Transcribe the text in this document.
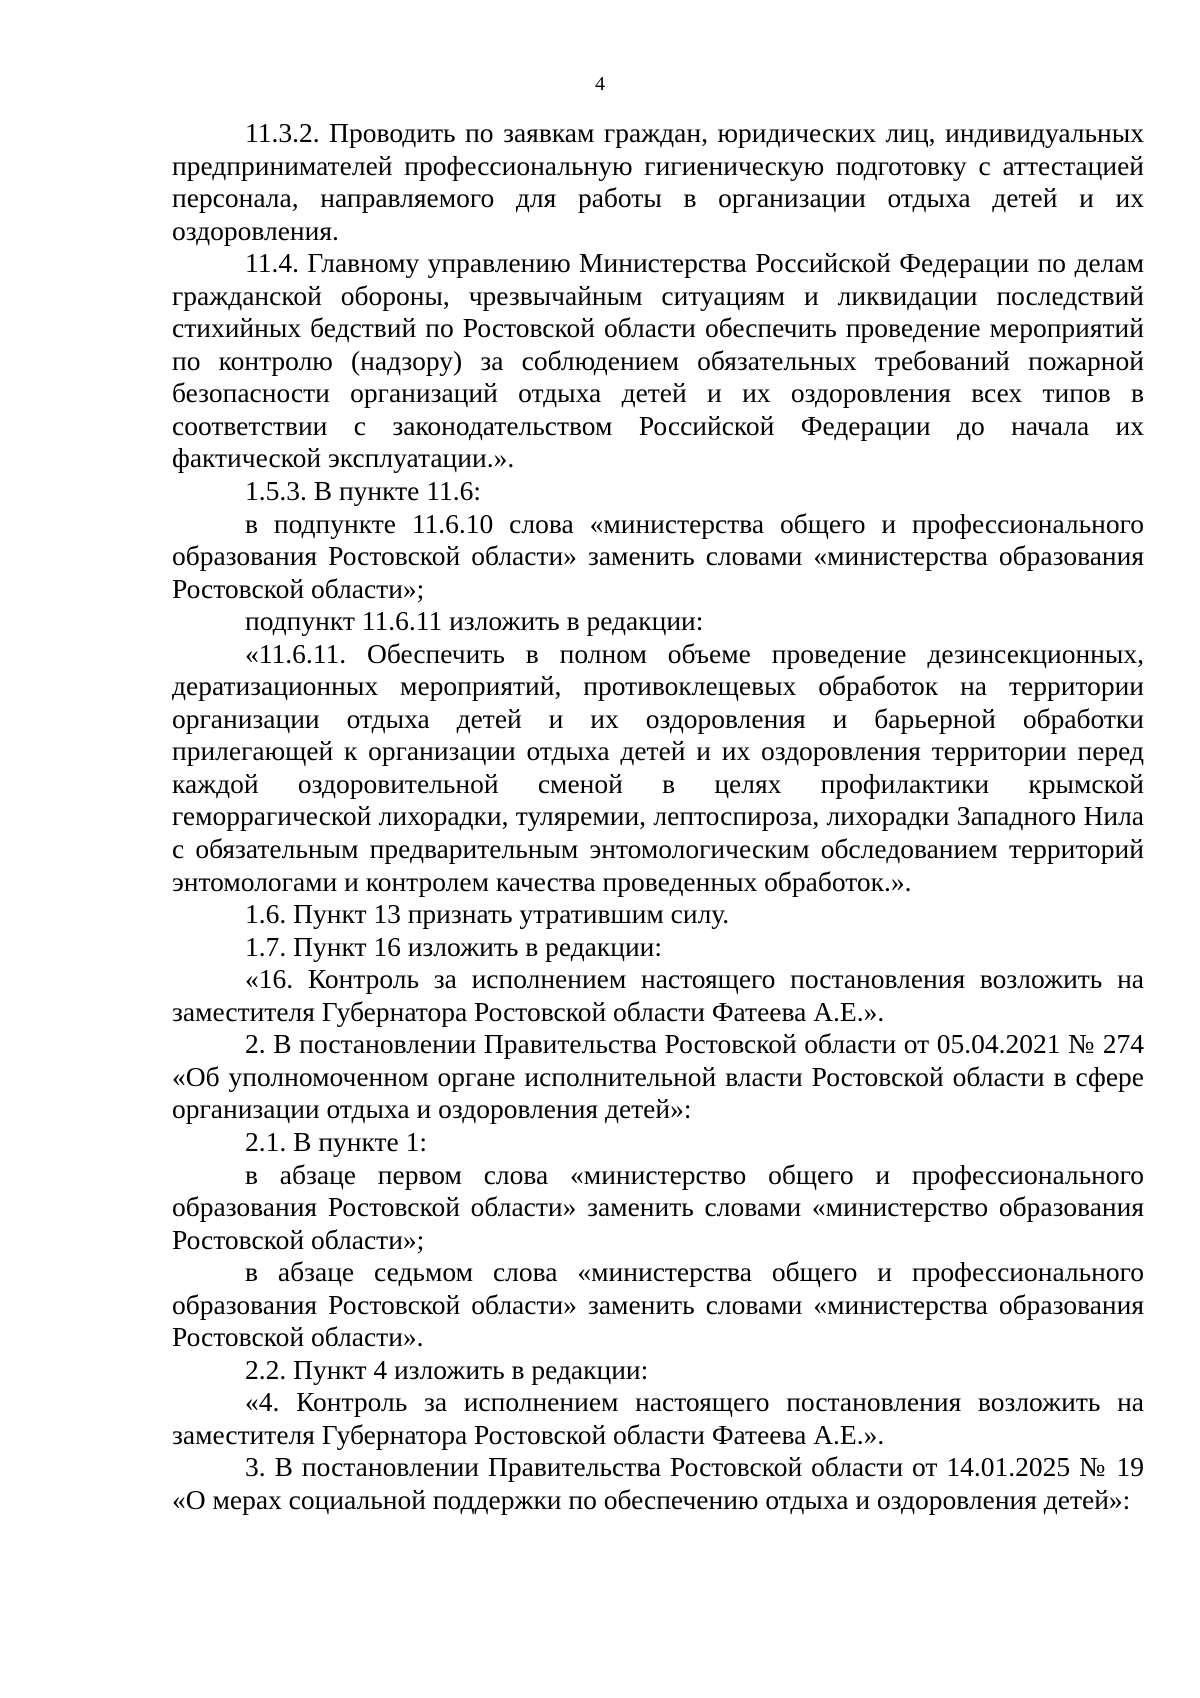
4

11.3.2. Проводить по заявкам граждан, юридических лиц, индивидуальных предпринимателей профессиональную гигиеническую подготовку с аттестацией персонала, направляемого для работы в организации отдыха детей и их оздоровления.

11.4. Главному управлению Министерства Российской Федерации по делам гражданской обороны, чрезвычайным ситуациям и ликвидации последствий стихийных бедствий по Ростовской области обеспечить проведение мероприятий по контролю (надзору) за соблюдением обязательных требований пожарной безопасности организаций отдыха детей и их оздоровления всех типов в соответствии с законодательством Российской Федерации до начала их фактической эксплуатации.».

1.5.3. В пункте 11.6:

в подпункте 11.6.10 слова «министерства общего и профессионального образования Ростовской области» заменить словами «министерства образования Ростовской области»;

подпункт 11.6.11 изложить в редакции:

«11.6.11. Обеспечить в полном объеме проведение дезинсекционных, дератизационных мероприятий, противоклещевых обработок на территории организации отдыха детей и их оздоровления и барьерной обработки прилегающей к организации отдыха детей и их оздоровления территории перед каждой оздоровительной сменой в целях профилактики крымской геморрагической лихорадки, туляремии, лептоспироза, лихорадки Западного Нила с обязательным предварительным энтомологическим обследованием территорий энтомологами и контролем качества проведенных обработок.».

1.6. Пункт 13 признать утратившим силу.

1.7. Пункт 16 изложить в редакции:

«16. Контроль за исполнением настоящего постановления возложить на заместителя Губернатора Ростовской области Фатеева А.Е.».

2. В постановлении Правительства Ростовской области от 05.04.2021 № 274 «Об уполномоченном органе исполнительной власти Ростовской области в сфере организации отдыха и оздоровления детей»:

2.1. В пункте 1:

в абзаце первом слова «министерство общего и профессионального образования Ростовской области» заменить словами «министерство образования Ростовской области»;

в абзаце седьмом слова «министерства общего и профессионального образования Ростовской области» заменить словами «министерства образования Ростовской области».

2.2. Пункт 4 изложить в редакции:

«4. Контроль за исполнением настоящего постановления возложить на заместителя Губернатора Ростовской области Фатеева А.Е.».

3. В постановлении Правительства Ростовской области от 14.01.2025 № 19 «О мерах социальной поддержки по обеспечению отдыха и оздоровления детей»:
